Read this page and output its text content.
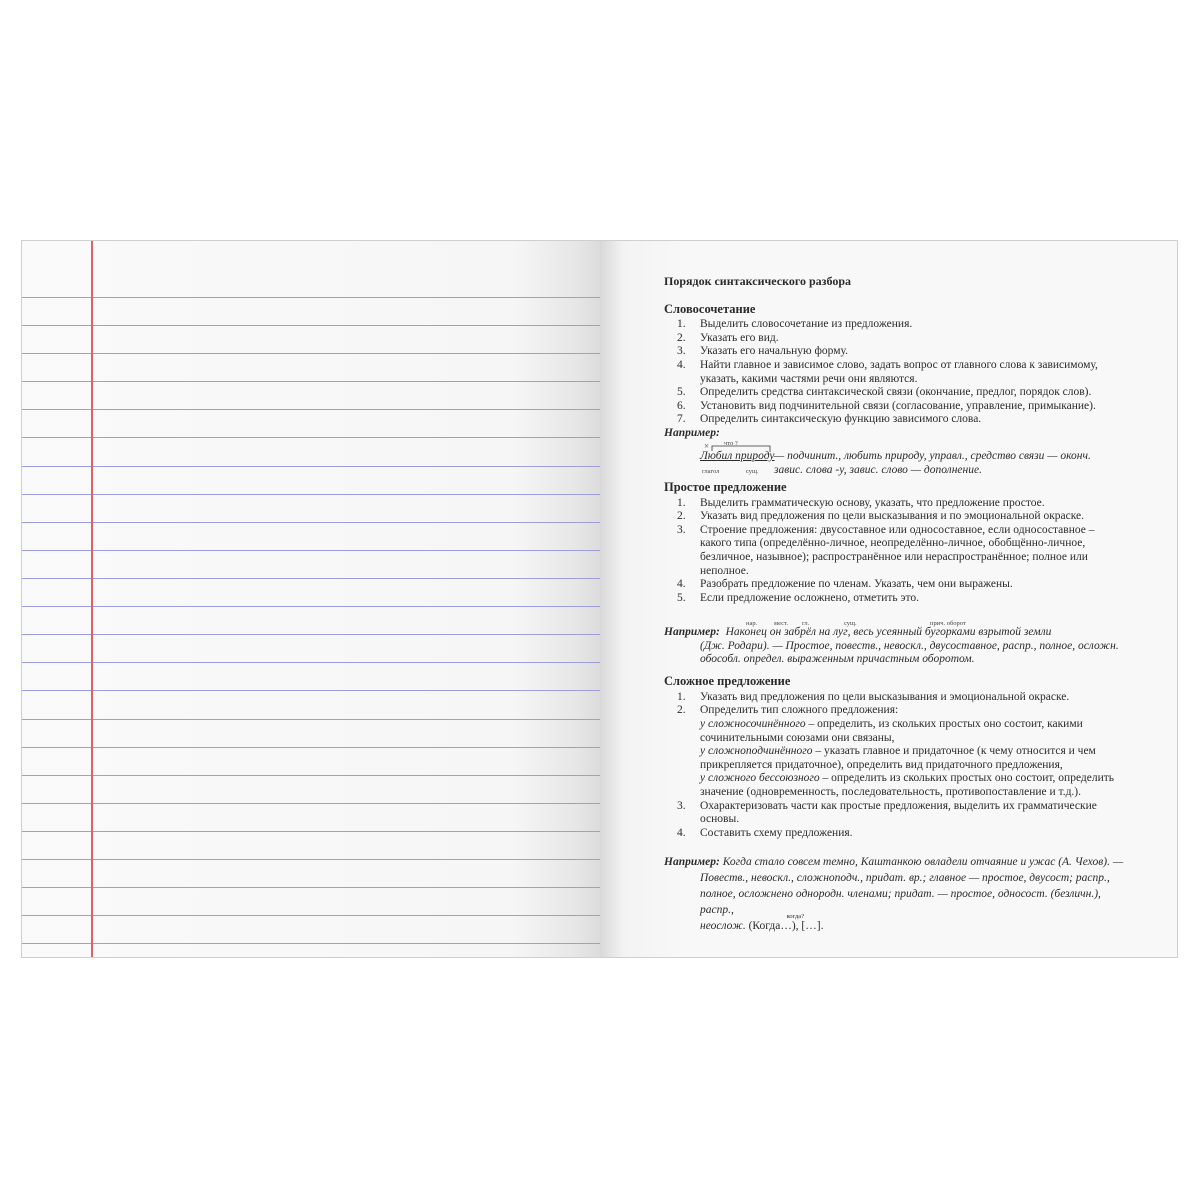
Порядок синтаксического разбора
Словосочетание
1. Выделить словосочетание из предложения.
2. Указать его вид.
3. Указать его начальную форму.
4. Найти главное и зависимое слово, задать вопрос от главного слова к зависимому, указать, какими частями речи они являются.
5. Определить средства синтаксической связи (окончание, предлог, порядок слов).
6. Установить вид подчинительной связи (согласование, управление, примыкание).
7. Определить синтаксическую функцию зависимого слова.
Например:
что ?
×
Любил природу
глагол	сущ.
— подчинит., любить природу, управл., средство связи — оконч. завис. слова -у, завис. слово — дополнение.
Простое предложение
1. Выделить грамматическую основу, указать, что предложение простое.
2. Указать вид предложения по цели высказывания и по эмоциональной окраске.
3. Строение предложения: двусоставное или односоставное, если односоставное – какого типа (определённо-личное, неопределённо-личное, обобщённо-личное, безличное, назывное); распространённое или нераспространённое; полное или неполное.
4. Разобрать предложение по членам. Указать, чем они выражены.
5. Если предложение осложнено, отметить это.
нар.	мест. гл.	сущ.	прич. оборот
Например: Наконец он забрёл на луг, весь усеянный бугорками взрытой земли
(Дж. Родари). — Простое, повеств., невоскл., двусоставное, распр., полное, осложн.
обособл. определ. выраженным причастным оборотом.
Сложное предложение
1. Указать вид предложения по цели высказывания и эмоциональной окраске.
2. Определить тип сложного предложения:
у сложносочинённого – определить, из скольких простых оно состоит, какими сочинительными союзами они связаны,
у сложноподчинённого – указать главное и придаточное (к чему относится и чем прикрепляется придаточное), определить вид придаточного предложения,
у сложного бессоюзного – определить из скольких простых оно состоит, определить значение (одновременность, последовательность, противопоставление и т.д.).
3. Охарактеризовать части как простые предложения, выделить их грамматические основы.
4. Составить схему предложения.
Например: Когда стало совсем темно, Каштанкою овладели отчаяние и ужас (А. Чехов). —
Повеств., невоскл., сложноподч., придат. вр.; главное — простое, двусост; распр.,
полное, осложнено однородн. членами; придат. — простое, односост. (безличн.), распр.,
неослож.
когда?
(Когда…), […].
